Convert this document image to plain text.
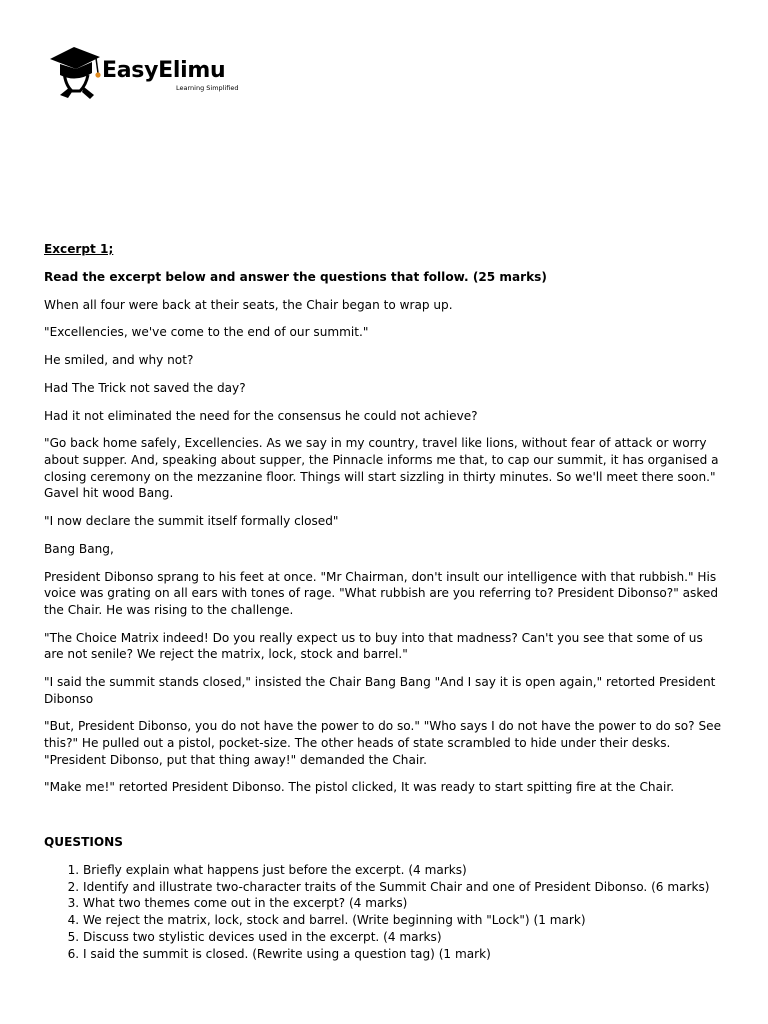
EasyElimu
Learning Simplified

Excerpt 1;

Read the excerpt below and answer the questions that follow. (25 marks)

When all four were back at their seats, the Chair began to wrap up.

"Excellencies, we've come to the end of our summit."

He smiled, and why not?

Had The Trick not saved the day?

Had it not eliminated the need for the consensus he could not achieve?

"Go back home safely, Excellencies. As we say in my country, travel like lions, without fear of attack or worry about supper. And, speaking about supper, the Pinnacle informs me that, to cap our summit, it has organised a closing ceremony on the mezzanine floor. Things will start sizzling in thirty minutes. So we'll meet there soon." Gavel hit wood Bang.

"I now declare the summit itself formally closed"

Bang Bang,

President Dibonso sprang to his feet at once. "Mr Chairman, don't insult our intelligence with that rubbish." His voice was grating on all ears with tones of rage. "What rubbish are you referring to? President Dibonso?" asked the Chair. He was rising to the challenge.

"The Choice Matrix indeed! Do you really expect us to buy into that madness? Can't you see that some of us are not senile? We reject the matrix, lock, stock and barrel."

"I said the summit stands closed," insisted the Chair Bang Bang "And I say it is open again," retorted President Dibonso

"But, President Dibonso, you do not have the power to do so." "Who says I do not have the power to do so? See this?" He pulled out a pistol, pocket-size. The other heads of state scrambled to hide under their desks. "President Dibonso, put that thing away!" demanded the Chair.

"Make me!" retorted President Dibonso. The pistol clicked, It was ready to start spitting fire at the Chair.

QUESTIONS

1. Briefly explain what happens just before the excerpt. (4 marks)
2. Identify and illustrate two-character traits of the Summit Chair and one of President Dibonso. (6 marks)
3. What two themes come out in the excerpt? (4 marks)
4. We reject the matrix, lock, stock and barrel. (Write beginning with "Lock") (1 mark)
5. Discuss two stylistic devices used in the excerpt. (4 marks)
6. I said the summit is closed. (Rewrite using a question tag) (1 mark)
